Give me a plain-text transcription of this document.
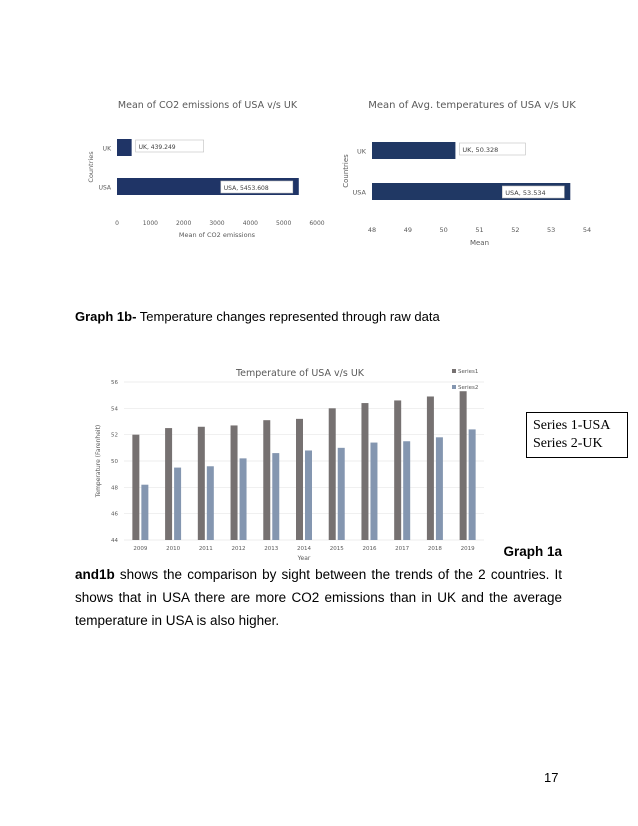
Mean of CO2 emissions of USA v/s UK
0	1000	2000	3000	4000	5000	6000
Mean of CO2 emissions
Countries
UK	UK, 439.249
USA	USA, 5453.608
Mean of Avg. temperatures of USA v/s UK
48	49	50	51	52	53	54
Mean
Countries
UK	UK, 50.328
USA	USA, 53.534
Graph 1b- Temperature changes represented through raw data
Temperature of USA v/s UK
44
46
48
50
52
54
56
Temperature (Farenheit)
2009	2010	2011	2012	2013	2014	2015	2016	2017	2018	2019
Year
Series1
Series2
Series 1-USA
Series 2-UK
Graph 1a
and1b shows the comparison by sight between the trends of the 2 countries. It shows that in USA there are more CO2 emissions than in UK and the average temperature in USA is also higher.
17
